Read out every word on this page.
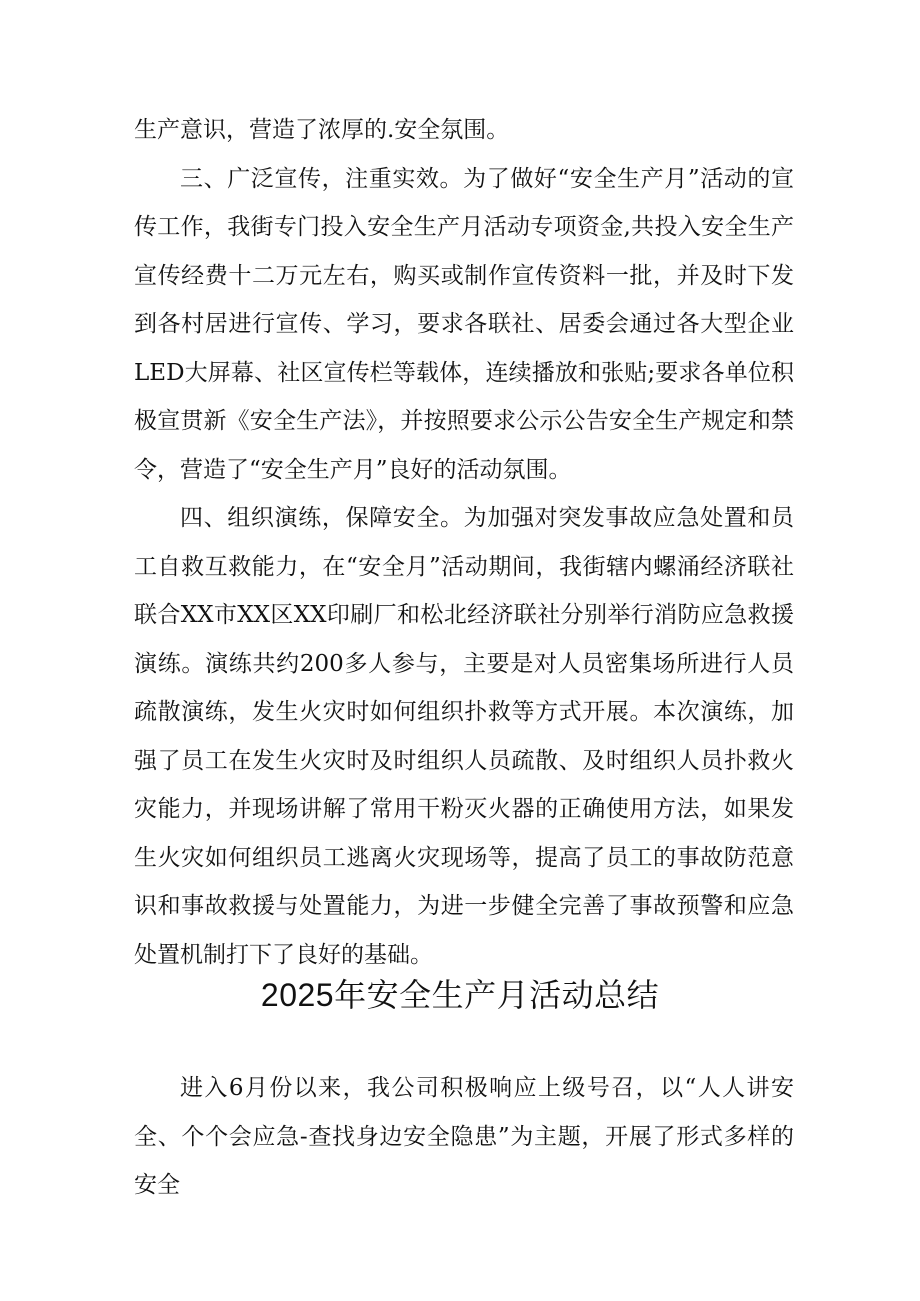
生产意识，营造了浓厚的.安全氛围。

三、广泛宣传，注重实效。为了做好“安全生产月”活动的宣传工作，我街专门投入安全生产月活动专项资金,共投入安全生产宣传经费十二万元左右，购买或制作宣传资料一批，并及时下发到各村居进行宣传、学习，要求各联社、居委会通过各大型企业LED大屏幕、社区宣传栏等载体，连续播放和张贴;要求各单位积极宣贯新《安全生产法》，并按照要求公示公告安全生产规定和禁令，营造了“安全生产月”良好的活动氛围。

四、组织演练，保障安全。为加强对突发事故应急处置和员工自救互救能力，在“安全月”活动期间，我街辖内螺涌经济联社联合XX市XX区XX印刷厂和松北经济联社分别举行消防应急救援演练。演练共约200多人参与，主要是对人员密集场所进行人员疏散演练，发生火灾时如何组织扑救等方式开展。本次演练，加强了员工在发生火灾时及时组织人员疏散、及时组织人员扑救火灾能力，并现场讲解了常用干粉灭火器的正确使用方法，如果发生火灾如何组织员工逃离火灾现场等，提高了员工的事故防范意识和事故救援与处置能力，为进一步健全完善了事故预警和应急处置机制打下了良好的基础。

2025年安全生产月活动总结

进入6月份以来，我公司积极响应上级号召，以“人人讲安全、个个会应急-查找身边安全隐患”为主题，开展了形式多样的安全
